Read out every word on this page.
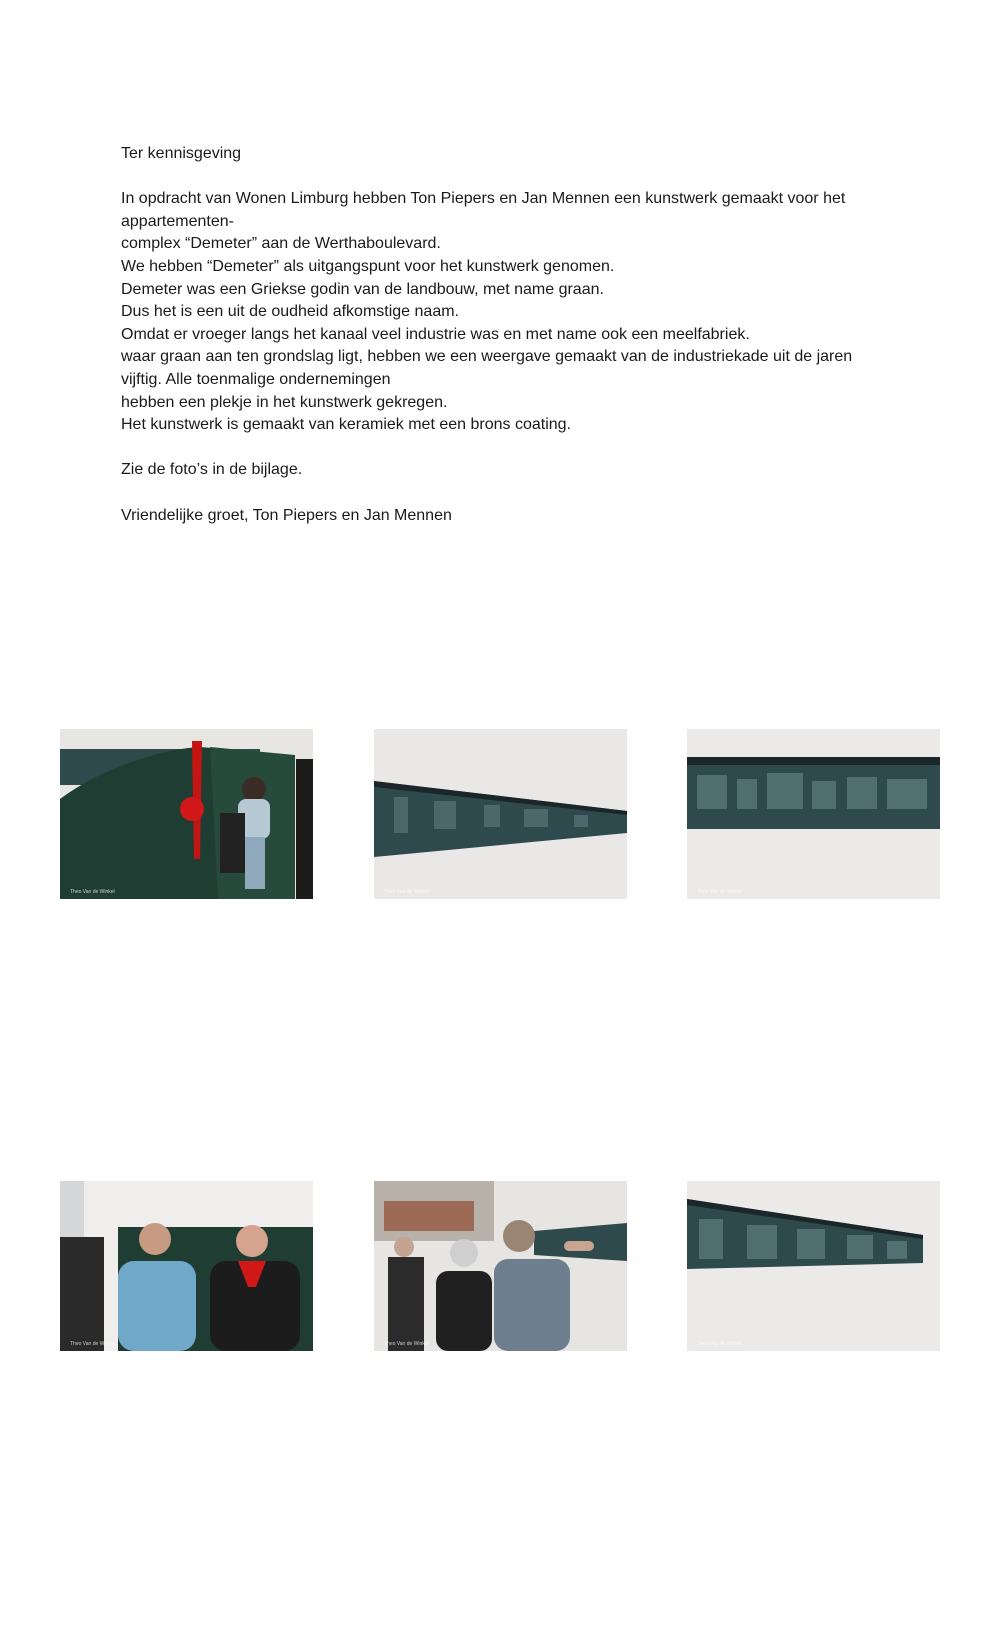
Ter kennisgeving

In opdracht van Wonen Limburg hebben Ton Piepers en Jan Mennen een kunstwerk gemaakt voor het appartementen-

complex “Demeter” aan de Werthaboulevard.

We hebben “Demeter” als uitgangspunt voor het kunstwerk genomen.

Demeter was een Griekse godin van de landbouw, met name graan.

Dus het is een uit de oudheid afkomstige naam.

Omdat er vroeger langs het kanaal veel industrie was en met name ook een meelfabriek.

waar graan aan ten grondslag ligt, hebben we een weergave gemaakt van de industriekade uit de jaren vijftig. Alle toenmalige ondernemingen

hebben een plekje in het kunstwerk gekregen.

Het kunstwerk is gemaakt van keramiek met een brons coating.

Zie de foto’s in de bijlage.

Vriendelijke groet, Ton Piepers en Jan Mennen

Theo Van de Winkel	Theo Van de Winkel	Theo Van de Winkel
Theo Van de Winkel	Theo Van de Winkel	Theo Van de Winkel
